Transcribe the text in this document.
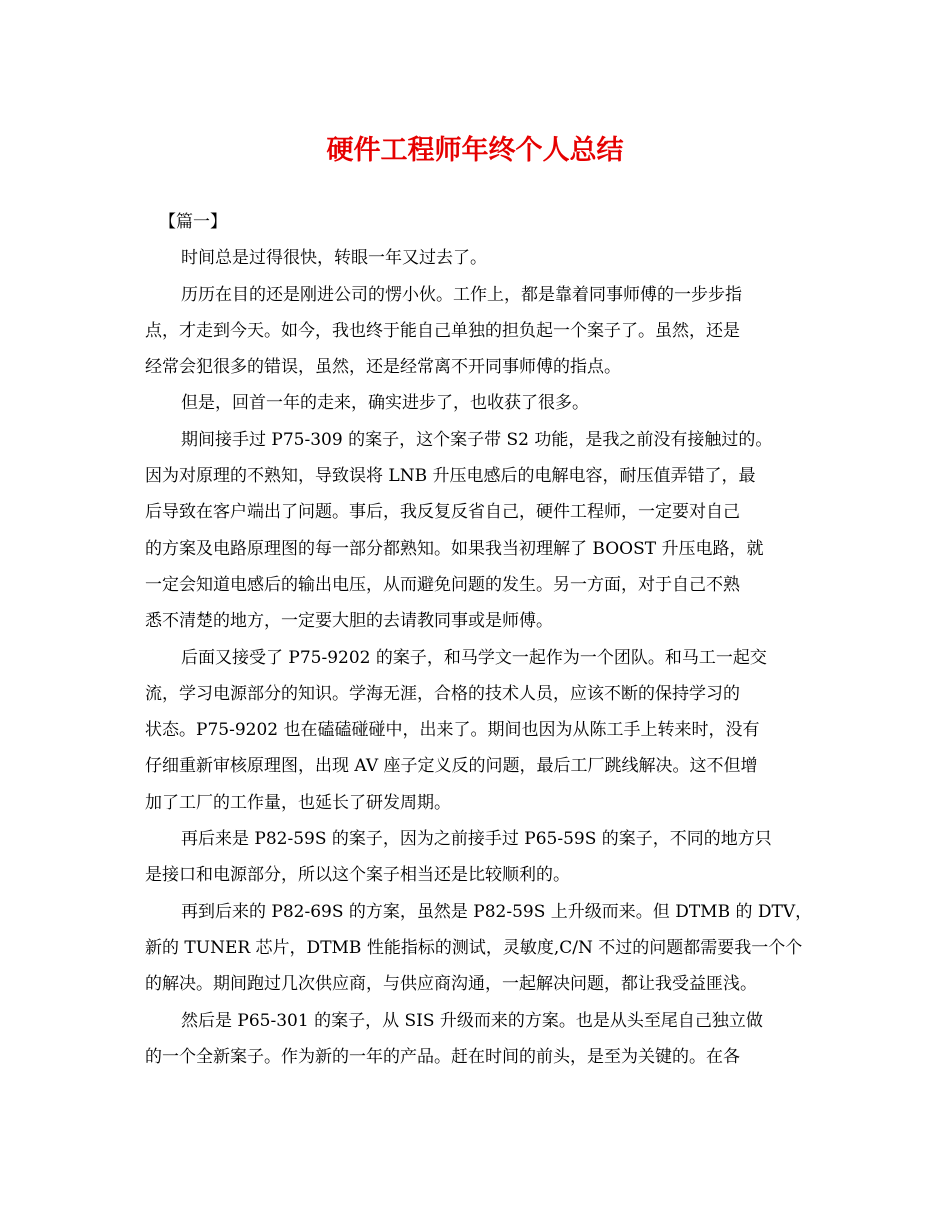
硬件工程师年终个人总结

【篇一】

时间总是过得很快，转眼一年又过去了。

历历在目的还是刚进公司的愣小伙。工作上，都是靠着同事师傅的一步步指

点，才走到今天。如今，我也终于能自己单独的担负起一个案子了。虽然，还是

经常会犯很多的错误，虽然，还是经常离不开同事师傅的指点。

但是，回首一年的走来，确实进步了，也收获了很多。

期间接手过 P75-309 的案子，这个案子带 S2 功能，是我之前没有接触过的。

因为对原理的不熟知，导致误将 LNB 升压电感后的电解电容，耐压值弄错了，最

后导致在客户端出了问题。事后，我反复反省自己，硬件工程师，一定要对自己

的方案及电路原理图的每一部分都熟知。如果我当初理解了 BOOST 升压电路，就

一定会知道电感后的输出电压，从而避免问题的发生。另一方面，对于自己不熟

悉不清楚的地方，一定要大胆的去请教同事或是师傅。

后面又接受了 P75-9202 的案子，和马学文一起作为一个团队。和马工一起交

流，学习电源部分的知识。学海无涯，合格的技术人员，应该不断的保持学习的

状态。P75-9202 也在磕磕碰碰中，出来了。期间也因为从陈工手上转来时，没有

仔细重新审核原理图，出现 AV 座子定义反的问题，最后工厂跳线解决。这不但增

加了工厂的工作量，也延长了研发周期。

再后来是 P82-59S 的案子，因为之前接手过 P65-59S 的案子，不同的地方只

是接口和电源部分，所以这个案子相当还是比较顺利的。

再到后来的 P82-69S 的方案，虽然是 P82-59S 上升级而来。但 DTMB 的 DTV，

新的 TUNER 芯片，DTMB 性能指标的测试，灵敏度,C/N 不过的问题都需要我一个个

的解决。期间跑过几次供应商，与供应商沟通，一起解决问题，都让我受益匪浅。

然后是 P65-301 的案子，从 SIS 升级而来的方案。也是从头至尾自己独立做

的一个全新案子。作为新的一年的产品。赶在时间的前头，是至为关键的。在各
